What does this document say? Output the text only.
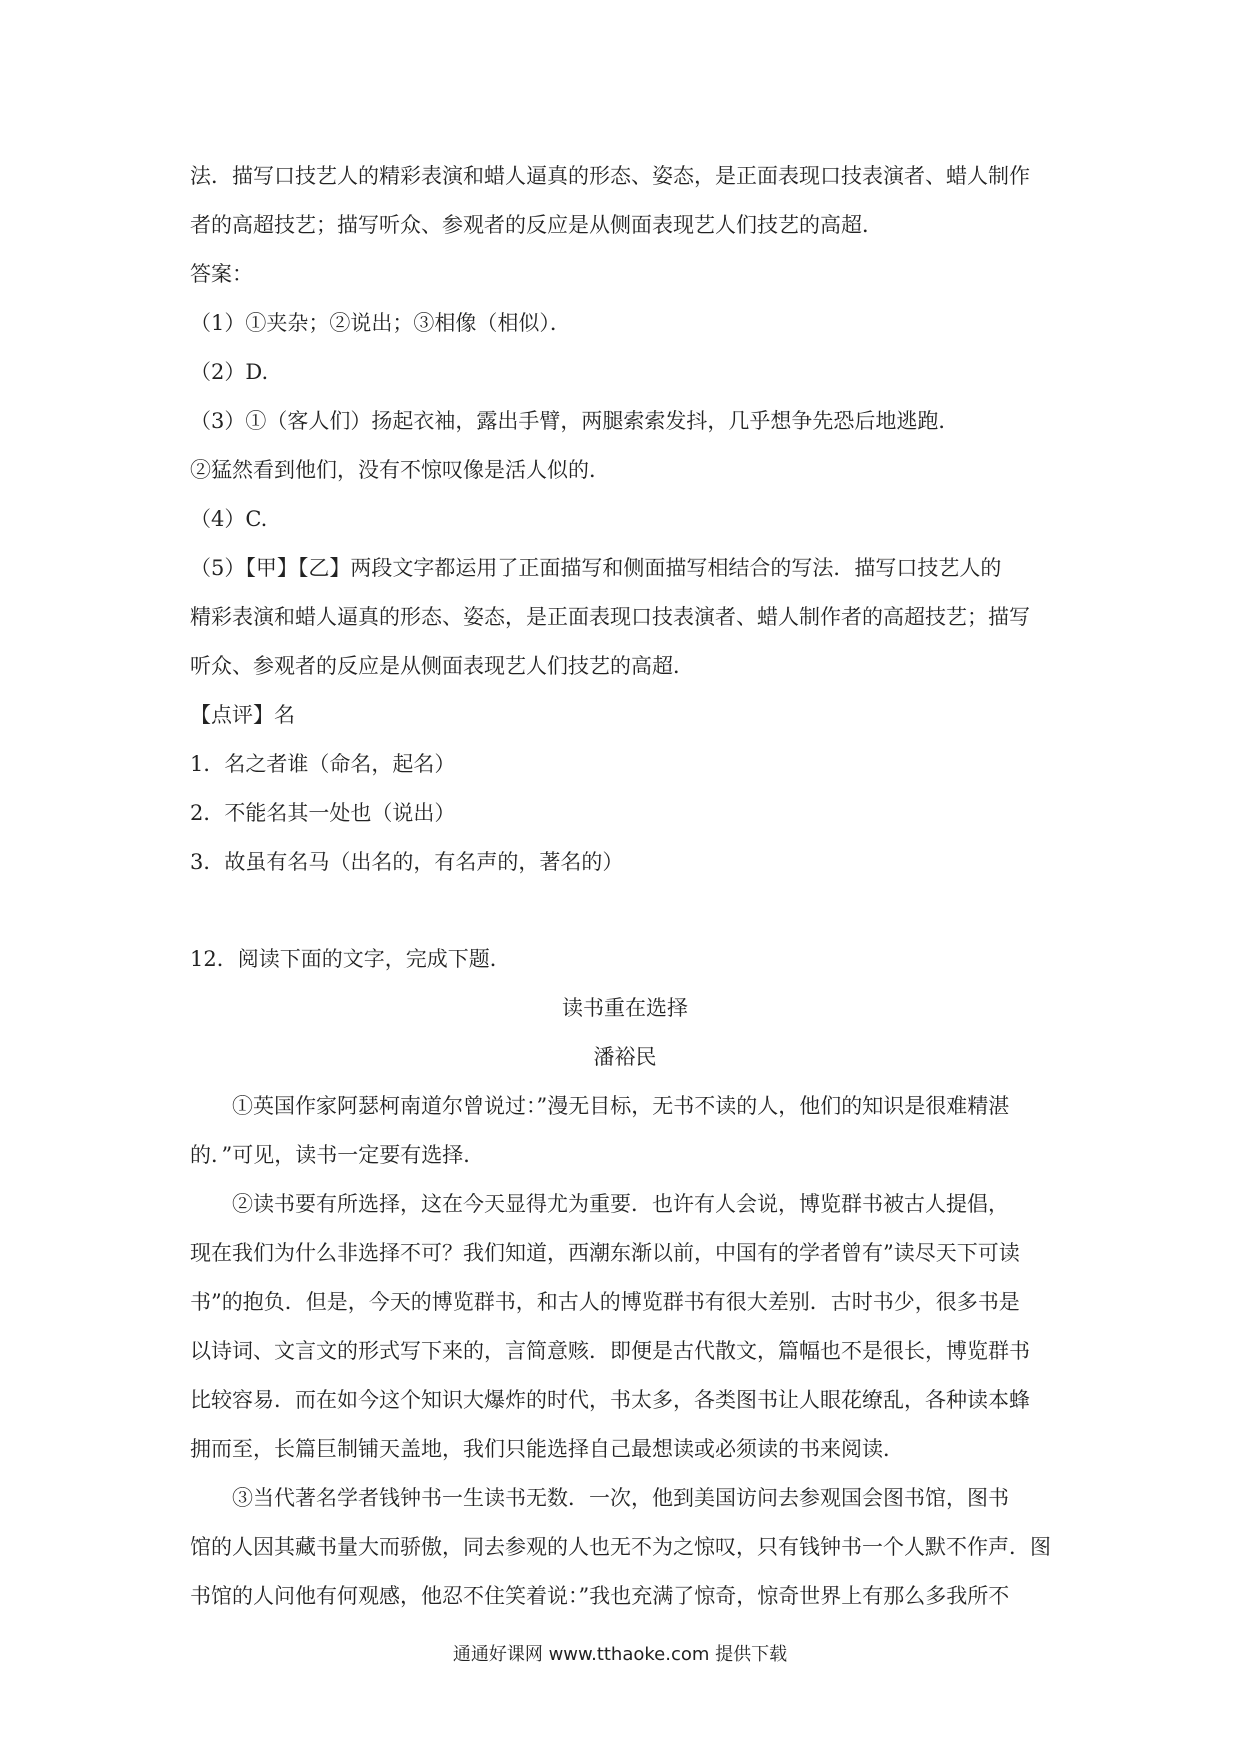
法．描写口技艺人的精彩表演和蜡人逼真的形态、姿态，是正面表现口技表演者、蜡人制作
者的高超技艺；描写听众、参观者的反应是从侧面表现艺人们技艺的高超．
答案：
（1）①夹杂；②说出；③相像（相似）．
（2）D.
（3）①（客人们）扬起衣袖，露出手臂，两腿索索发抖，几乎想争先恐后地逃跑．
②猛然看到他们，没有不惊叹像是活人似的．
（4）C.
（5）【甲】【乙】两段文字都运用了正面描写和侧面描写相结合的写法．描写口技艺人的
精彩表演和蜡人逼真的形态、姿态，是正面表现口技表演者、蜡人制作者的高超技艺；描写
听众、参观者的反应是从侧面表现艺人们技艺的高超．
【点评】名
1．名之者谁（命名，起名）
2．不能名其一处也（说出）
3．故虽有名马（出名的，有名声的，著名的）
12．阅读下面的文字，完成下题．
读书重在选择
潘裕民
①英国作家阿瑟柯南道尔曾说过：”漫无目标，无书不读的人，他们的知识是很难精湛
的．”可见，读书一定要有选择．
②读书要有所选择，这在今天显得尤为重要．也许有人会说，博览群书被古人提倡，
现在我们为什么非选择不可？我们知道，西潮东渐以前，中国有的学者曾有”读尽天下可读
书”的抱负．但是，今天的博览群书，和古人的博览群书有很大差别．古时书少，很多书是
以诗词、文言文的形式写下来的，言简意赅．即便是古代散文，篇幅也不是很长，博览群书
比较容易．而在如今这个知识大爆炸的时代，书太多，各类图书让人眼花缭乱，各种读本蜂
拥而至，长篇巨制铺天盖地，我们只能选择自己最想读或必须读的书来阅读．
③当代著名学者钱钟书一生读书无数．一次，他到美国访问去参观国会图书馆，图书
馆的人因其藏书量大而骄傲，同去参观的人也无不为之惊叹，只有钱钟书一个人默不作声．图
书馆的人问他有何观感，他忍不住笑着说：”我也充满了惊奇，惊奇世界上有那么多我所不
通通好课网 www.tthaoke.com 提供下载
